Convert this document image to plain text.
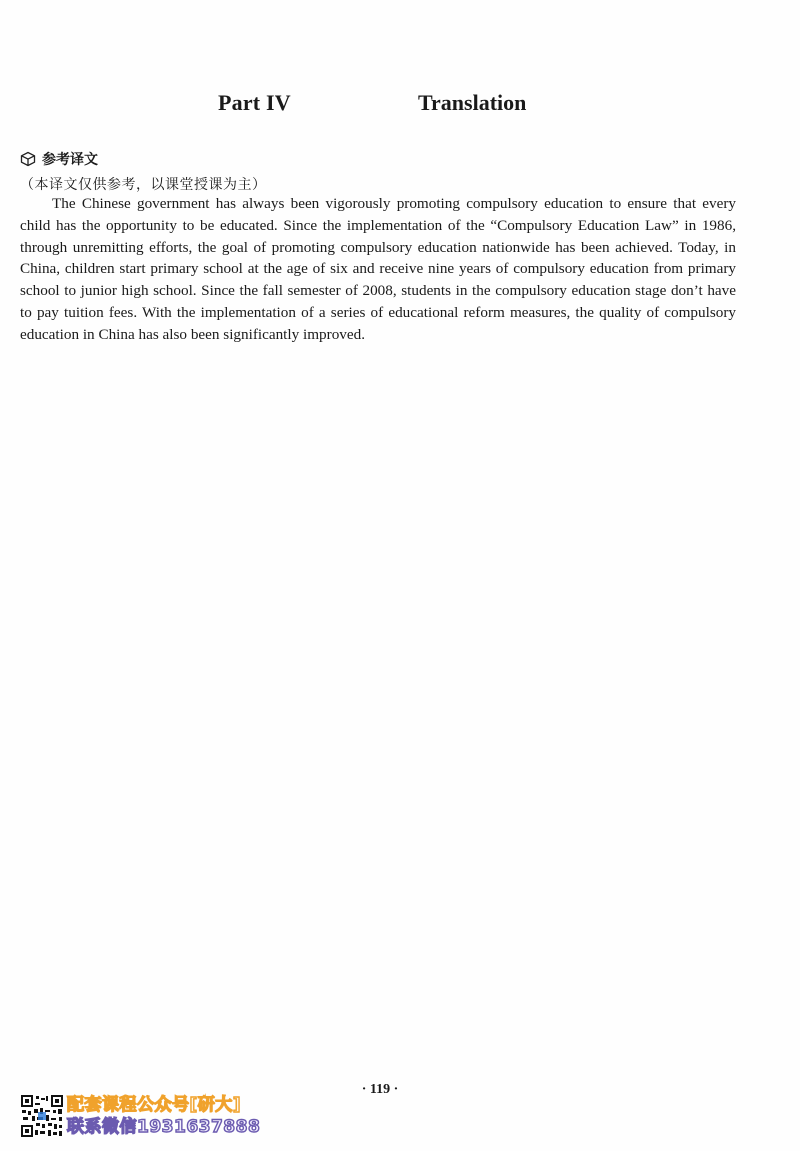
Part IV	Translation
参考译文
（本译文仅供参考，以课堂授课为主）

The Chinese government has always been vigorously promoting compulsory education to ensure that every child has the opportunity to be educated. Since the implementation of the “Compulsory Education Law” in 1986, through unremitting efforts, the goal of promoting compulsory education nationwide has been achieved. Today, in China, children start primary school at the age of six and receive nine years of compulsory education from primary school to junior high school. Since the fall semester of 2008, students in the compulsory education stage don’t have to pay tuition fees. With the implementation of a series of educational reform measures, the quality of compulsory education in China has also been significantly improved.

· 119 ·
配套课程公众号[研大]
联系微信1931637888
